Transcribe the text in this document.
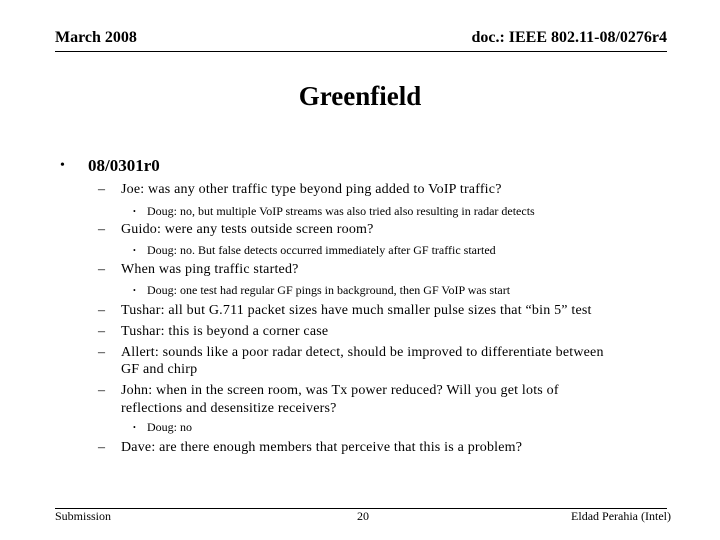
March 2008	doc.: IEEE 802.11-08/0276r4
Greenfield
• 08/0301r0
– Joe: was any other traffic type beyond ping added to VoIP traffic?
• Doug: no, but multiple VoIP streams was also tried also resulting in radar detects
– Guido: were any tests outside screen room?
• Doug: no. But false detects occurred immediately after GF traffic started
– When was ping traffic started?
• Doug: one test had regular GF pings in background, then GF VoIP was start
– Tushar: all but G.711 packet sizes have much smaller pulse sizes that “bin 5” test
– Tushar: this is beyond a corner case
– Allert: sounds like a poor radar detect, should be improved to differentiate between
GF and chirp
– John: when in the screen room, was Tx power reduced? Will you get lots of
reflections and desensitize receivers?
• Doug: no
– Dave: are there enough members that perceive that this is a problem?
Submission	20	Eldad Perahia (Intel)
